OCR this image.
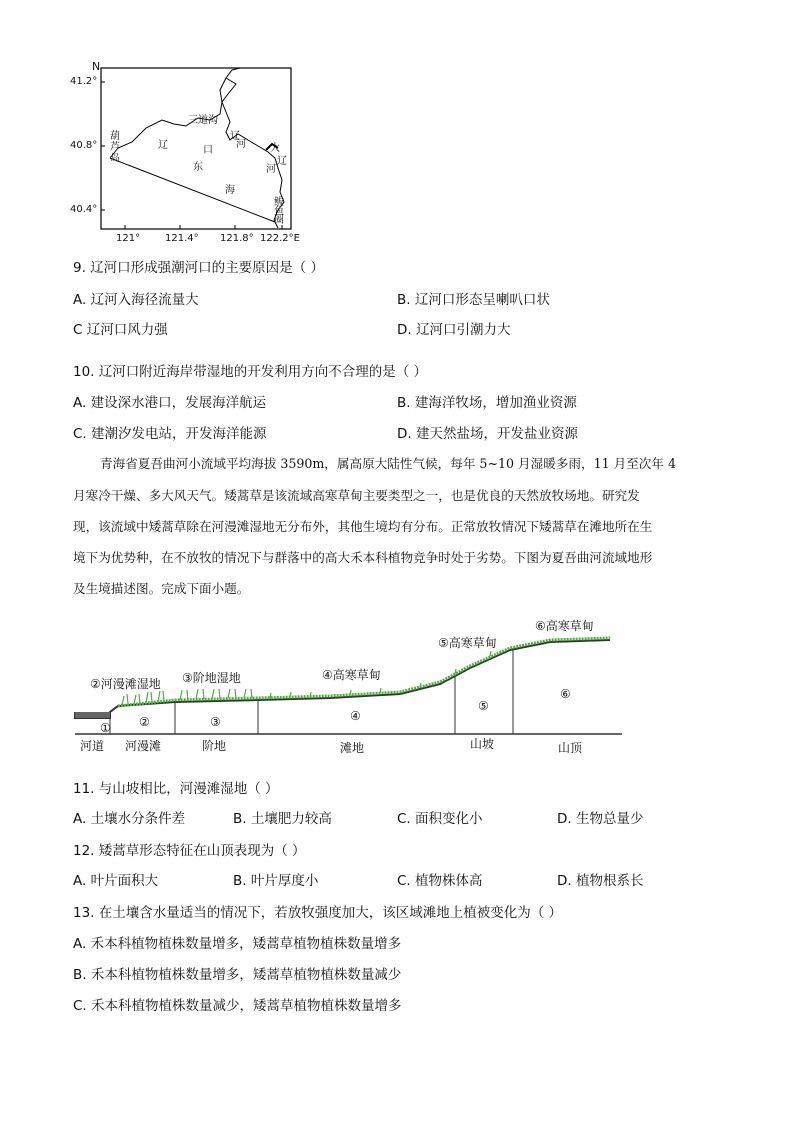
N
41.2°
40.8°
40.4°
121° 121.4° 121.8° 122.2°E
葫
芦
岛
三道沟
辽
河
口
辽
东
海
大
辽
河
鲅
鱼
圈
9. 辽河口形成强潮河口的主要原因是（ ）
A. 辽河入海径流量大	B. 辽河口形态呈喇叭口状
C 辽河口风力强	D. 辽河口引潮力大
10. 辽河口附近海岸带湿地的开发利用方向不合理的是（ ）
A. 建设深水港口，发展海洋航运	B. 建海洋牧场，增加渔业资源
C. 建潮汐发电站，开发海洋能源	D. 建天然盐场，开发盐业资源
青海省夏吾曲河小流域平均海拔 3590m，属高原大陆性气候，每年 5~10 月湿暖多雨，11 月至次年 4
月寒冷干燥、多大风天气。矮蒿草是该流域高寒草甸主要类型之一，也是优良的天然放牧场地。研究发
现，该流域中矮蒿草除在河漫滩湿地无分布外，其他生境均有分布。正常放牧情况下矮蒿草在滩地所在生
境下为优势种，在不放牧的情况下与群落中的高大禾本科植物竞争时处于劣势。下图为夏吾曲河流域地形
及生境描述图。完成下面小题。
②河漫滩湿地 ③阶地湿地	④高寒草甸
⑤高寒草甸
⑥高寒草甸
① ②	③	④
⑤
⑥
河道 河漫滩	阶地	滩地	山坡	山顶
11. 与山坡相比，河漫滩湿地（ ）
A. 土壤水分条件差	B. 土壤肥力较高	C. 面积变化小	D. 生物总量少
12. 矮蒿草形态特征在山顶表现为（ ）
A. 叶片面积大	B. 叶片厚度小	C. 植物株体高	D. 植物根系长
13. 在土壤含水量适当的情况下，若放牧强度加大，该区域滩地上植被变化为（ ）
A. 禾本科植物植株数量增多，矮蒿草植物植株数量增多
B. 禾本科植物植株数量增多，矮蒿草植物植株数量减少
C. 禾本科植物植株数量减少，矮蒿草植物植株数量增多
